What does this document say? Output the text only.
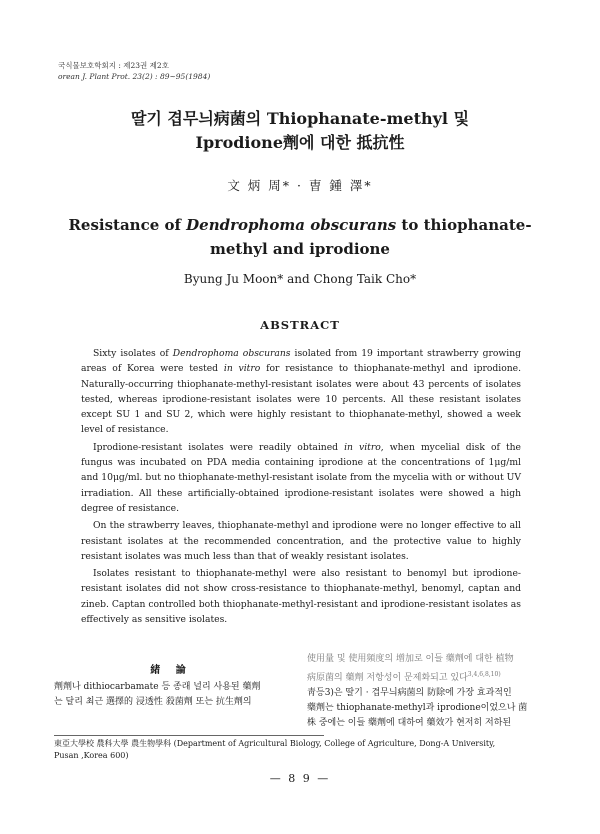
국식물보호학회지 : 제23권 제2호
orean J. Plant Prot. 23(2) : 89~95(1984)
딸기 겹무늬病菌의 Thiophanate-methyl 및
Iprodione劑에 대한 抵抗性
文 炳 周* · 曺 鍾 澤*
Resistance of Dendrophoma obscurans to thiophanate-methyl and iprodione
Byung Ju Moon* and Chong Taik Cho*
ABSTRACT

Sixty isolates of Dendrophoma obscurans isolated from 19 important strawberry growing areas of Korea were tested in vitro for resistance to thiophanate-methyl and iprodione. Naturally-occurring thiophanate-methyl-resistant isolates were about 43 percents of isolates tested, whereas iprodione-resistant isolates were 10 percents. All these resistant isolates except SU 1 and SU 2, which were highly resistant to thiophanate-methyl, showed a week level of resistance.

Iprodione-resistant isolates were readily obtained in vitro, when mycelial disk of the fungus was incubated on PDA media containing iprodione at the concentrations of 1μg/ml and 10μg/ml. but no thiophanate-methyl-resistant isolate from the mycelia with or without UV irradiation. All these artificially-obtained iprodione-resistant isolates were showed a high degree of resistance.

On the strawberry leaves, thiophanate-methyl and iprodione were no longer effective to all resistant isolates at the recommended concentration, and the protective value to highly resistant isolates was much less than that of weakly resistant isolates.

Isolates resistant to thiophanate-methyl were also resistant to benomyl but iprodione-resistant isolates did not show cross-resistance to thiophanate-methyl, benomyl, captan and zineb. Captan controlled both thiophanate-methyl-resistant and iprodione-resistant isolates as effectively as sensitive isolates.

緒 論
劑劑나 dithiocarbamate 등 종래 널리 사용된 藥劑
는 달리 최근 選擇的 浸透性 殺菌劑 또는 抗生劑의
使用量 및 使用頻度의 增加로 이들 藥劑에 대한 植物
病原菌의 藥劑 저항성이 문제화되고 있다$^{3,4,6,8,10)}$
靑등3)은 딸기 · 겹무늬病菌의 防除에 가장 효과적인
藥劑는 thiophanate-methyl과 iprodione이었으나 菌
株 중에는 이들 藥劑에 대하여 藥效가 현저히 저하된
東亞大學校 農科大學 農生物學科 (Department of Agricultural Biology, College of Agriculture, Dong-A University,
Pusan ,Korea 600)
— 8 9 —
